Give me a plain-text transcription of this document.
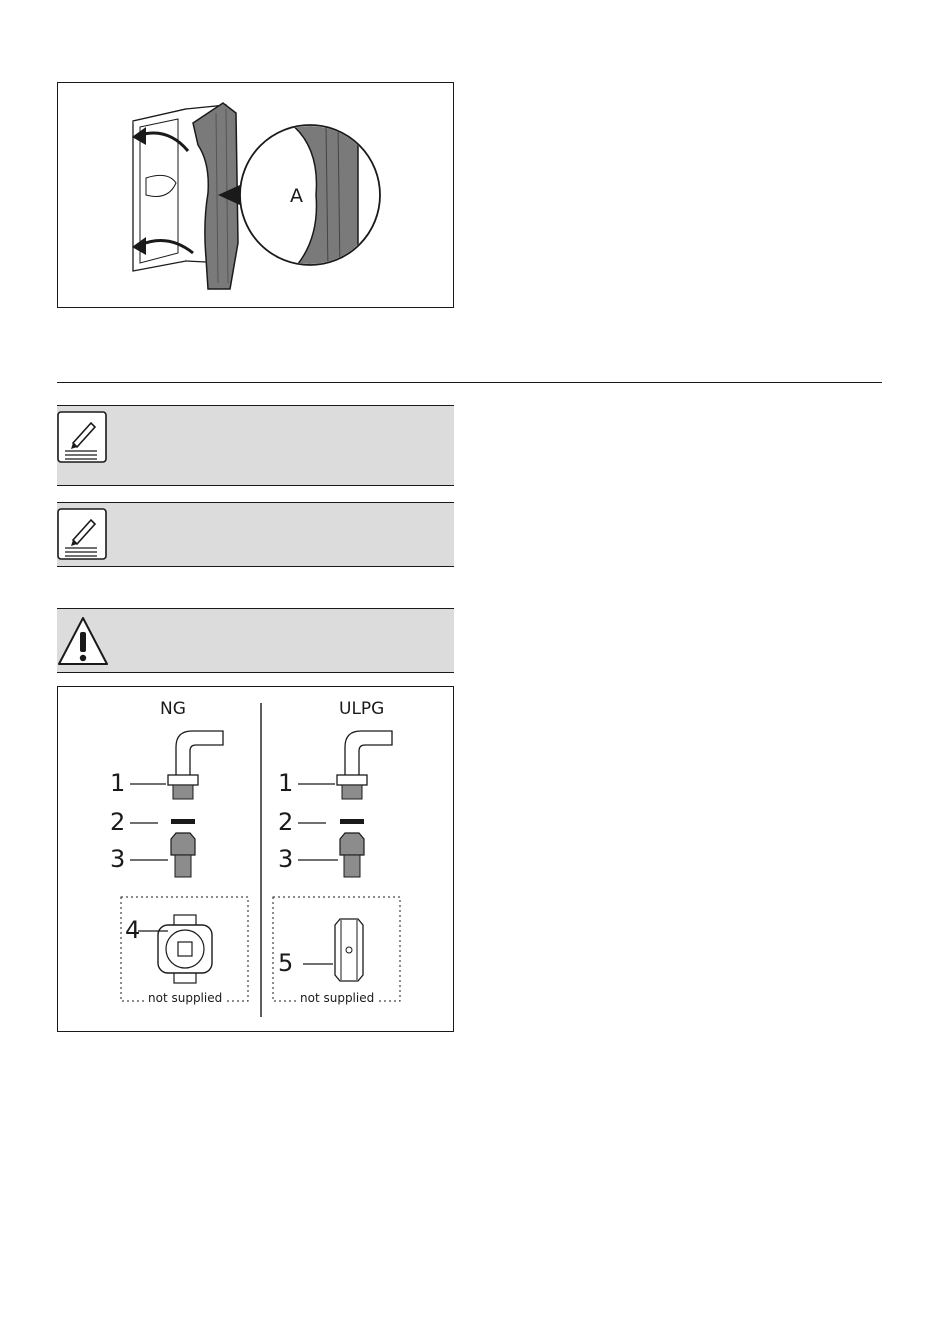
A
NG	ULPG
1
2
3
4
1
2
3
5
not supplied	not supplied
